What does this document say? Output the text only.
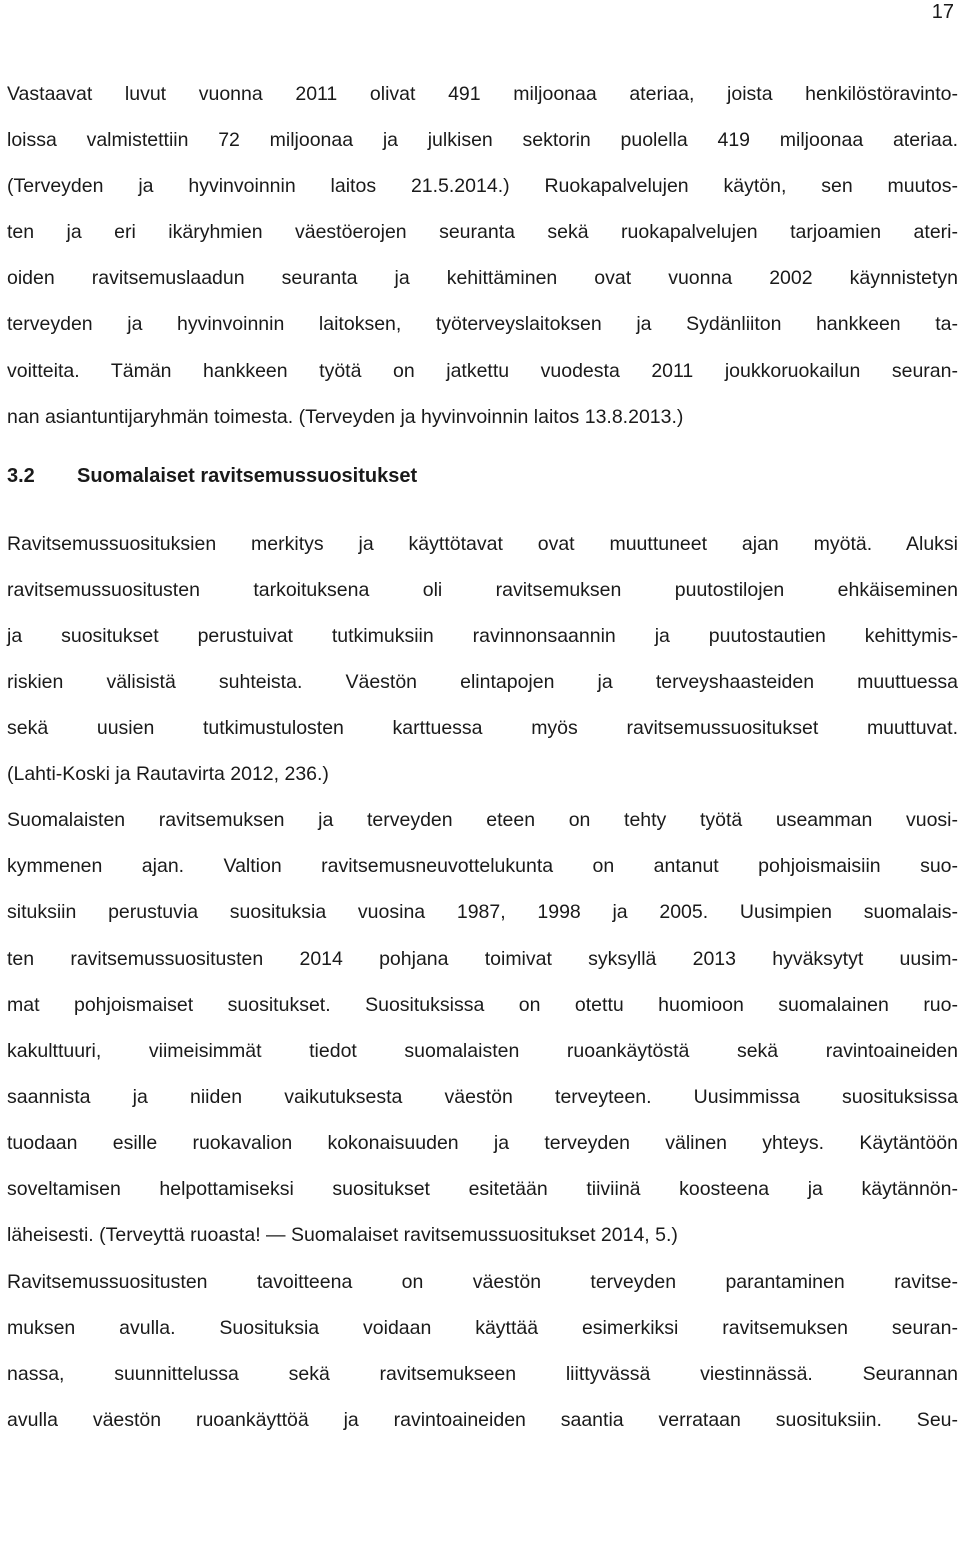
17
Vastaavat luvut vuonna 2011 olivat 491 miljoonaa ateriaa, joista henkilöstöravinto-
loissa valmistettiin 72 miljoonaa ja julkisen sektorin puolella 419 miljoonaa ateriaa.
(Terveyden ja hyvinvoinnin laitos 21.5.2014.) Ruokapalvelujen käytön, sen muutos-
ten ja eri ikäryhmien väestöerojen seuranta sekä ruokapalvelujen tarjoamien ateri-
oiden ravitsemuslaadun seuranta ja kehittäminen ovat vuonna 2002 käynnistetyn
terveyden ja hyvinvoinnin laitoksen, työterveyslaitoksen ja Sydänliiton hankkeen ta-
voitteita. Tämän hankkeen työtä on jatkettu vuodesta 2011 joukkoruokailun seuran-
nan asiantuntijaryhmän toimesta. (Terveyden ja hyvinvoinnin laitos 13.8.2013.)
3.2 Suomalaiset ravitsemussuositukset
Ravitsemussuosituksien merkitys ja käyttötavat ovat muuttuneet ajan myötä. Aluksi
ravitsemussuositusten tarkoituksena oli ravitsemuksen puutostilojen ehkäiseminen
ja suositukset perustuivat tutkimuksiin ravinnonsaannin ja puutostautien kehittymis-
riskien välisistä suhteista. Väestön elintapojen ja terveyshaasteiden muuttuessa
sekä uusien tutkimustulosten karttuessa myös ravitsemussuositukset muuttuvat.
(Lahti-Koski ja Rautavirta 2012, 236.)
Suomalaisten ravitsemuksen ja terveyden eteen on tehty työtä useamman vuosi-
kymmenen ajan. Valtion ravitsemusneuvottelukunta on antanut pohjoismaisiin suo-
situksiin perustuvia suosituksia vuosina 1987, 1998 ja 2005. Uusimpien suomalais-
ten ravitsemussuositusten 2014 pohjana toimivat syksyllä 2013 hyväksytyt uusim-
mat pohjoismaiset suositukset. Suosituksissa on otettu huomioon suomalainen ruo-
kakulttuuri, viimeisimmät tiedot suomalaisten ruoankäytöstä sekä ravintoaineiden
saannista ja niiden vaikutuksesta väestön terveyteen. Uusimmissa suosituksissa
tuodaan esille ruokavalion kokonaisuuden ja terveyden välinen yhteys. Käytäntöön
soveltamisen helpottamiseksi suositukset esitetään tiiviinä koosteena ja käytännön-
läheisesti. (Terveyttä ruoasta! — Suomalaiset ravitsemussuositukset 2014, 5.)
Ravitsemussuositusten tavoitteena on väestön terveyden parantaminen ravitse-
muksen avulla. Suosituksia voidaan käyttää esimerkiksi ravitsemuksen seuran-
nassa, suunnittelussa sekä ravitsemukseen liittyvässä viestinnässä. Seurannan
avulla väestön ruoankäyttöä ja ravintoaineiden saantia verrataan suosituksiin. Seu-
